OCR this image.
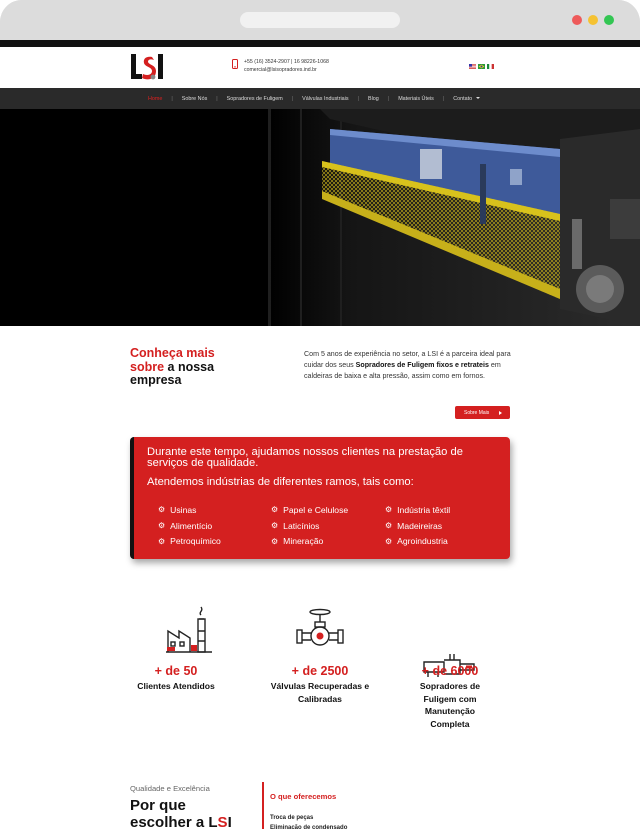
+55 (16) 3524-2907 | 16 98226-1068
comercial@lsisopradores.ind.br
Home | Sobre Nós | Sopradores de Fuligem | Válvulas Industriais | Blog | Materiais Úteis | Contato
Conheça mais sobre a nossa
empresa
Com 5 anos de experiência no setor, a LSI é a parceira ideal para cuidar dos seus Sopradores de Fuligem fixos e retrateis em caldeiras de baixa e alta pressão, assim como em fornos.
Sobre Mais
Durante este tempo, ajudamos nossos clientes na prestação de serviços de qualidade.
Atendemos indústrias de diferentes ramos, tais como:
⚙ Usinas	⚙ Papel e Celulose	⚙ Indústria têxtil
⚙ Alimentício	⚙ Laticínios	⚙ Madeireiras
⚙ Petroquímico	⚙ Mineração	⚙ Agroindustria
+ de 50
Clientes Atendidos
+ de 2500
Válvulas Recuperadas e Calibradas
+ de 6000
Sopradores de Fuligem com Manutenção Completa
Qualidade e Excelência
Por que
escolher a LSI
O que oferecemos
Troca de peças
Eliminação de condensado
